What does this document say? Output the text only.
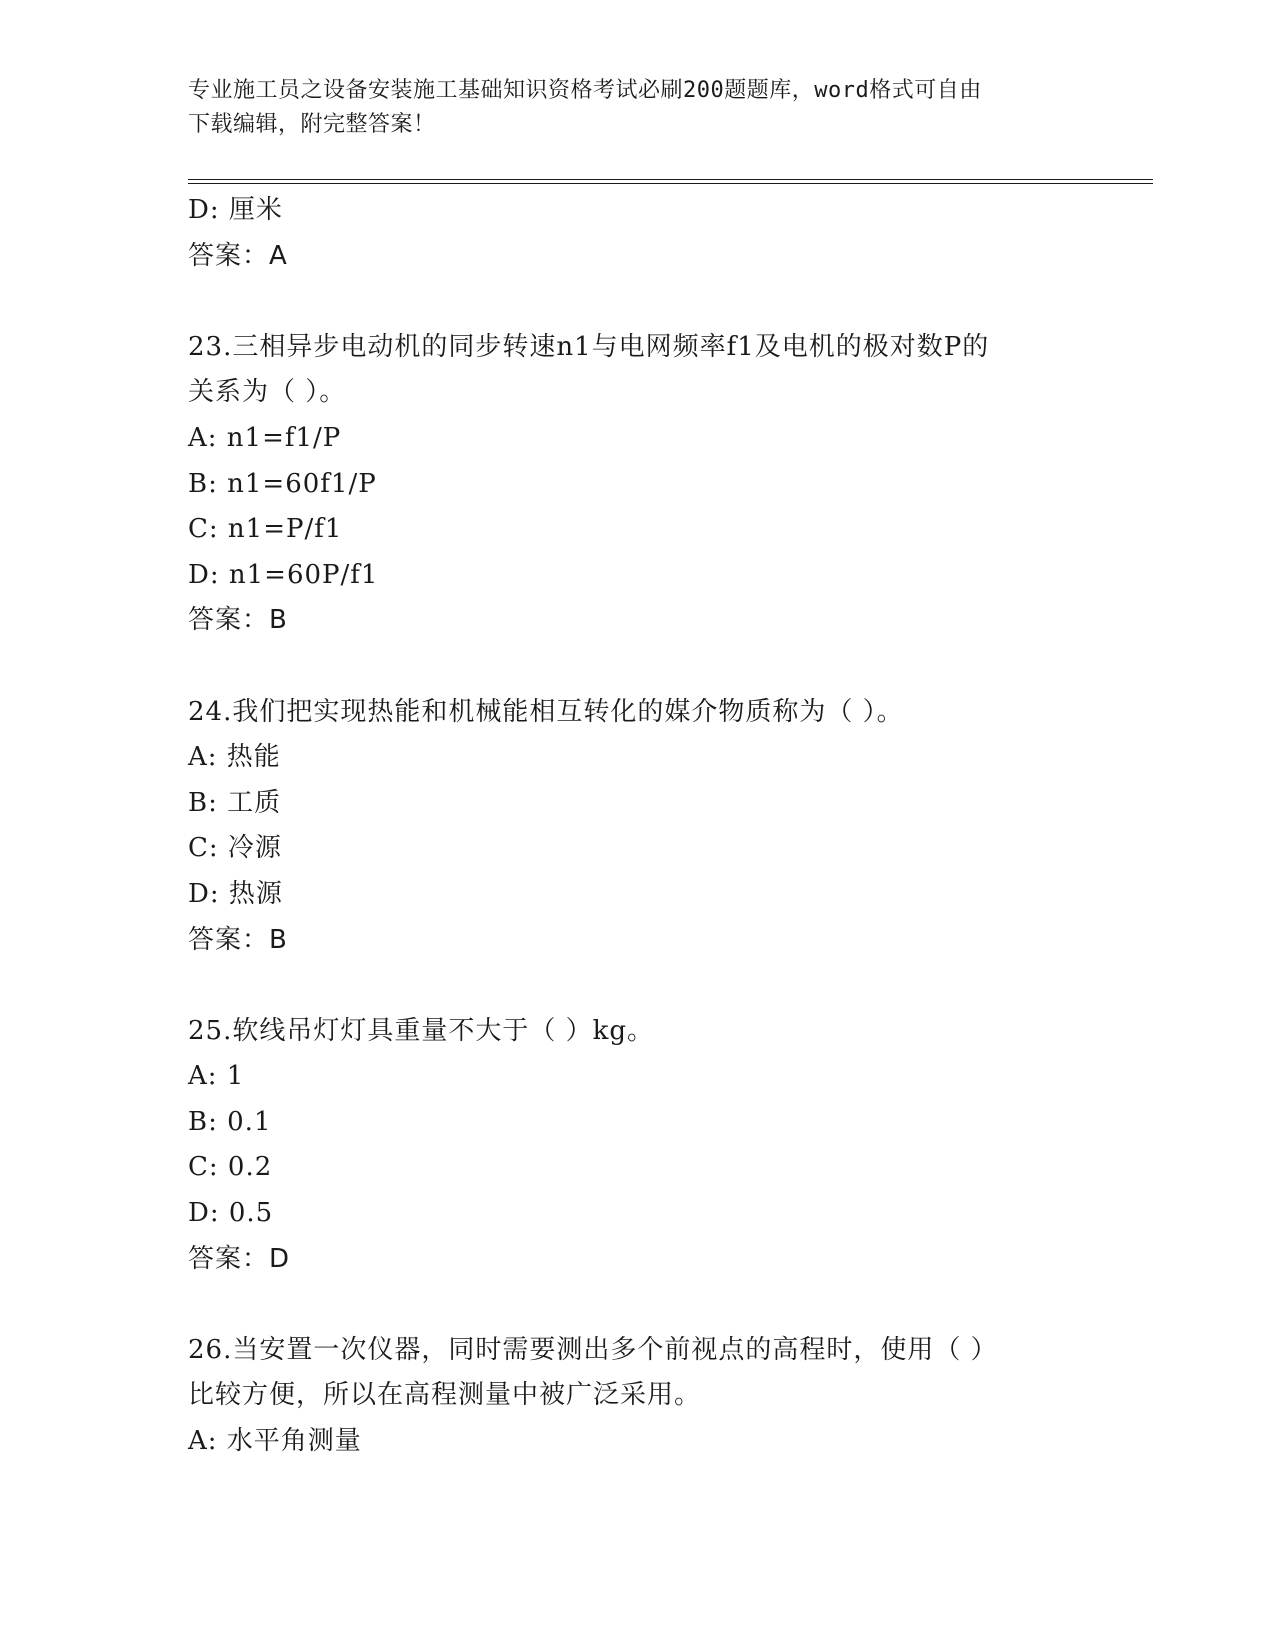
专业施工员之设备安装施工基础知识资格考试必刷200题题库，word格式可自由
下载编辑，附完整答案！
D: 厘米
答案：A
23.三相异步电动机的同步转速n1与电网频率f1及电机的极对数P的
关系为（ ）。
A: n1=f1/P
B: n1=60f1/P
C: n1=P/f1
D: n1=60P/f1
答案：B
24.我们把实现热能和机械能相互转化的媒介物质称为（ ）。
A: 热能
B: 工质
C: 冷源
D: 热源
答案：B
25.软线吊灯灯具重量不大于（ ）kg。
A: 1
B: 0.1
C: 0.2
D: 0.5
答案：D
26.当安置一次仪器，同时需要测出多个前视点的高程时，使用（ ）
比较方便，所以在高程测量中被广泛采用。
A: 水平角测量
